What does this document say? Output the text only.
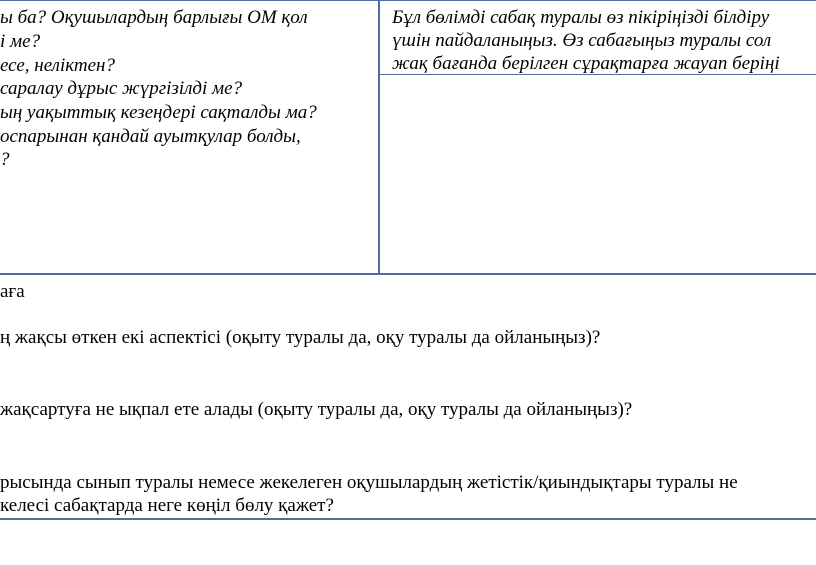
ы ба? Оқушылардың барлығы ОМ қол
і ме?
есе, неліктен?
саралау дұрыс жүргізілді ме?
ың уақыттық кезеңдері сақталды ма?
оспарынан қандай ауытқулар болды,
?
Бұл бөлімді сабақ туралы өз пікіріңізді білдіру
үшін пайдаланыңыз. Өз сабағыңыз туралы сол
жақ бағанда берілген сұрақтарға жауап беріңі
аға
ң жақсы өткен екі аспектісі (оқыту туралы да, оқу туралы да ойланыңыз)?
жақсартуға не ықпал ете алады (оқыту туралы да, оқу туралы да ойланыңыз)?
рысында сынып туралы немесе жекелеген оқушылардың жетістік/қиындықтары туралы не
келесі сабақтарда неге көңіл бөлу қажет?
